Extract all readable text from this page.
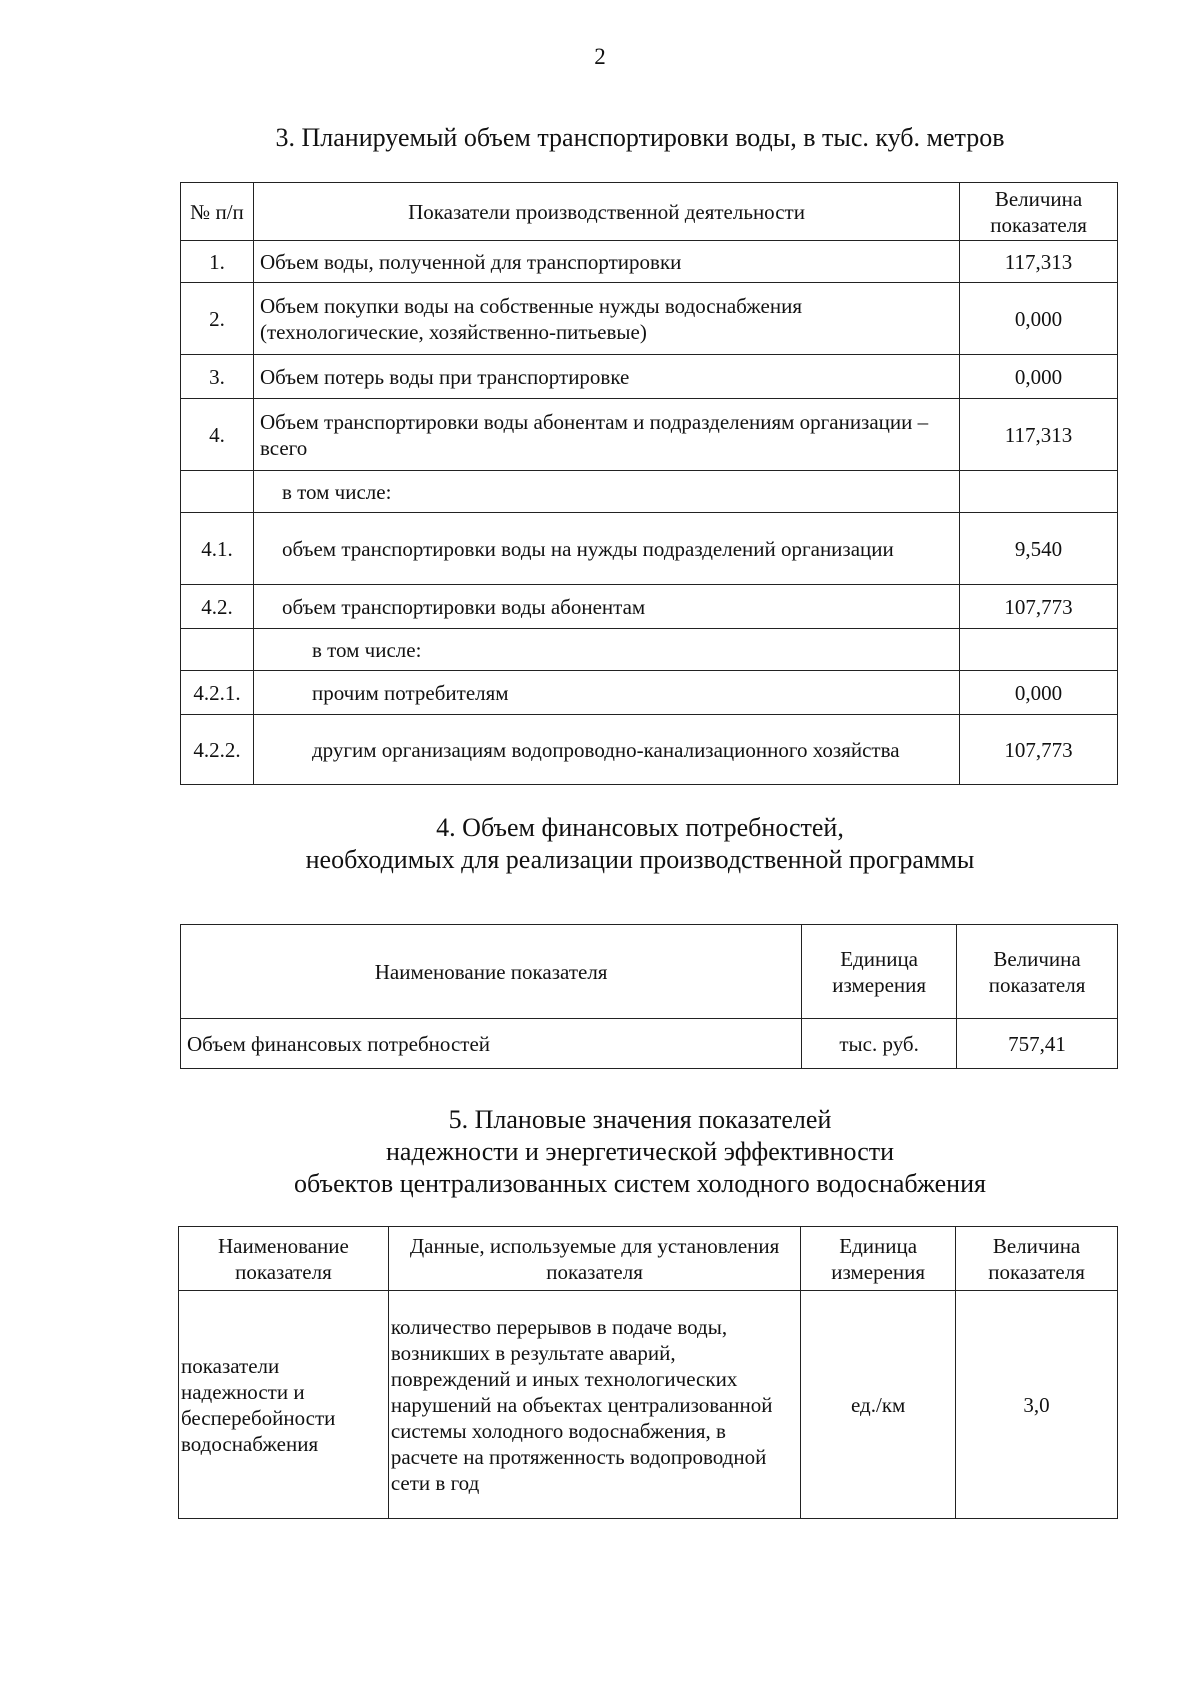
2
3. Планируемый объем транспортировки воды, в тыс. куб. метров
№ п/п	Показатели производственной деятельности	Величина показателя
1.	Объем воды, полученной для транспортировки	117,313
2.	Объем покупки воды на собственные нужды водоснабжения (технологические, хозяйственно-питьевые)	0,000
3.	Объем потерь воды при транспортировке	0,000
4.	Объем транспортировки воды абонентам и подразделениям организации – всего	117,313
	в том числе:	
4.1.	объем транспортировки воды на нужды подразделений организации	9,540
4.2.	объем транспортировки воды абонентам	107,773
	в том числе:	
4.2.1.	прочим потребителям	0,000
4.2.2.	другим организациям водопроводно-канализационного хозяйства	107,773
4. Объем финансовых потребностей,
необходимых для реализации производственной программы
Наименование показателя	Единица измерения	Величина показателя
Объем финансовых потребностей	тыс. руб.	757,41
5. Плановые значения показателей
надежности и энергетической эффективности
объектов централизованных систем холодного водоснабжения
Наименование показателя	Данные, используемые для установления показателя	Единица измерения	Величина показателя
показатели надежности и бесперебойности водоснабжения	количество перерывов в подаче воды, возникших в результате аварий, повреждений и иных технологических нарушений на объектах централизованной системы холодного водоснабжения, в расчете на протяженность водопроводной сети в год	ед./км	3,0
